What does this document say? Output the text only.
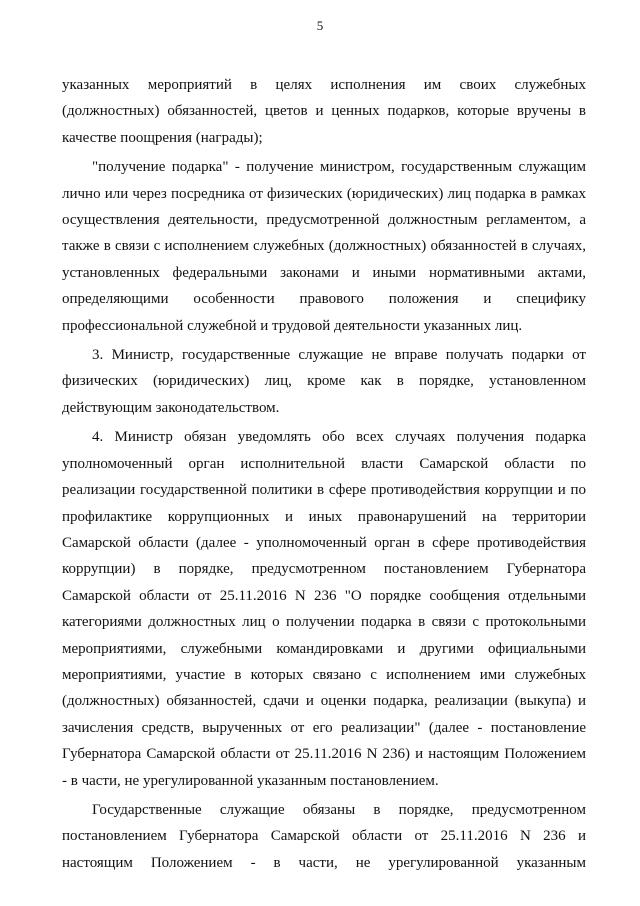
5

указанных мероприятий в целях исполнения им своих служебных
(должностных) обязанностей, цветов и ценных подарков, которые вручены в
качестве поощрения (награды);

"получение подарка" - получение министром, государственным служащим
лично или через посредника от физических (юридических) лиц подарка в рамках
осуществления деятельности, предусмотренной должностным регламентом, а
также в связи с исполнением служебных (должностных) обязанностей в случаях,
установленных федеральными законами и иными нормативными актами,
определяющими особенности правового положения и специфику
профессиональной служебной и трудовой деятельности указанных лиц.

3. Министр, государственные служащие не вправе получать подарки от
физических (юридических) лиц, кроме как в порядке, установленном
действующим законодательством.

4. Министр обязан уведомлять обо всех случаях получения подарка
уполномоченный орган исполнительной власти Самарской области по
реализации государственной политики в сфере противодействия коррупции и по
профилактике коррупционных и иных правонарушений на территории
Самарской области (далее - уполномоченный орган в сфере противодействия
коррупции) в порядке, предусмотренном постановлением Губернатора
Самарской области от 25.11.2016 N 236 "О порядке сообщения отдельными
категориями должностных лиц о получении подарка в связи с протокольными
мероприятиями, служебными командировками и другими официальными
мероприятиями, участие в которых связано с исполнением ими служебных
(должностных) обязанностей, сдачи и оценки подарка, реализации (выкупа) и
зачисления средств, вырученных от его реализации" (далее - постановление
Губернатора Самарской области от 25.11.2016 N 236) и настоящим Положением
- в части, не урегулированной указанным постановлением.

Государственные служащие обязаны в порядке, предусмотренном
постановлением Губернатора Самарской области от 25.11.2016 N 236 и
настоящим Положением - в части, не урегулированной указанным
